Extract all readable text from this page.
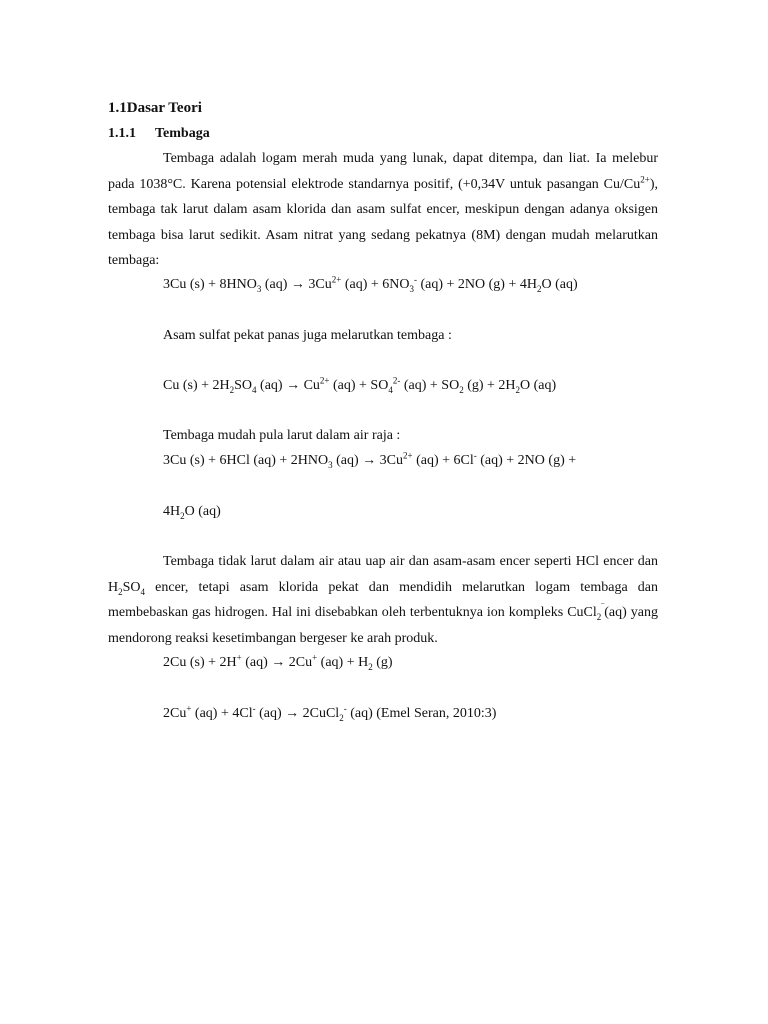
1.1Dasar Teori
1.1.1 Tembaga

Tembaga adalah logam merah muda yang lunak, dapat ditempa, dan liat. Ia melebur pada 1038°C. Karena potensial elektrode standarnya positif, (+0,34V untuk pasangan $Cu/Cu^{2+}$), tembaga tak larut dalam asam klorida dan asam sulfat encer, meskipun dengan adanya oksigen tembaga bisa larut sedikit. Asam nitrat yang sedang pekatnya (8M) dengan mudah melarutkan tembaga:

3Cu $(s) + 8HNO_3$ $(aq) \to 3Cu^{2+}$ $(aq) + 6NO_3^-$ (aq) + 2NO $(g) + 4H_2O$ (aq)

Asam sulfat pekat panas juga melarutkan tembaga :

Cu $(s) + 2H_2SO_4$ $(aq) \to Cu^{2+}$ $(aq) + SO_4^{2-}$ $(aq) + SO_2$ $(g) + 2H_2O$ (aq)

Tembaga mudah pula larut dalam air raja :

3Cu (s) + 6HCl $(aq) + 2HNO_3$ $(aq) \to 3Cu^{2+}$ (aq) + 6Cl- (aq) + 2NO (g) +

$4H_2O$ (aq)

Tembaga tidak larut dalam air atau uap air dan asam-asam encer seperti HCl encer dan $H_2SO_4$ encer, tetapi asam klorida pekat dan mendidih melarutkan logam tembaga dan membebaskan gas hidrogen. Hal ini disebabkan oleh terbentuknya ion kompleks CuCl$_2$‾(aq) yang mendorong reaksi kesetimbangan bergeser ke arah produk.

2Cu (s) + 2H+ (aq) → 2Cu+ $(aq) + H_2$ (g)

2Cu+ (aq) + 4Cl- (aq) → 2CuCl$_2$- (aq) (Emel Seran, 2010:3)
